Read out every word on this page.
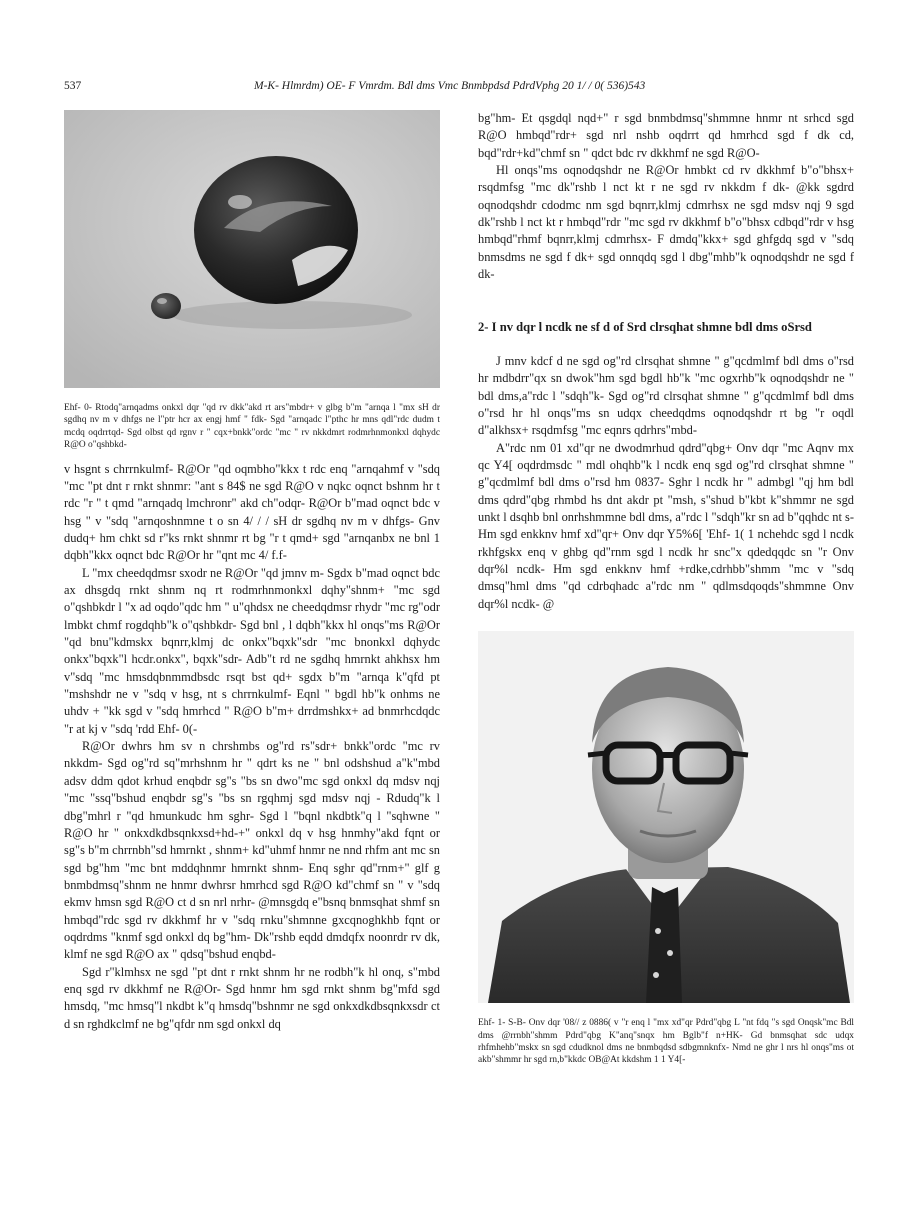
537	M-K- Hlmrdm) OE- F Vmrdm. Bdl dms Vmc Bnmbpdsd PdrdVphg 20 1/ / 0( 536)543

Ehf- 0- Rtodq"arnqadms onkxl dqr "qd rv dkk"akd rt ars"mbdr+ v glbg b"m "arnqa l "mx sH dr sgdhq nv m v dhfgs ne l"ptr hcr ax engj hmf " fdk- Sgd "arnqadc l"pthc hr mns qdl"rdc dudm t mcdq oqdrrtqd- Sgd olbst qd rgnv r " cqx+bnkk"ordc "mc " rv nkkdmrt rodmrhnmonkxl dqhydc R@O o"qshbkd-

v hsgnt s chrrnkulmf- R@Or "qd oqmbho"kkx t rdc enq "arnqahmf v "sdq "mc "pt dnt r rnkt shnmr: "ant s 84$ ne sgd R@O v nqkc oqnct bshnm hr t rdc "r " t qmd "arnqadq lmchronr" akd ch"odqr- R@Or b"mad oqnct bdc v hsg " v "sdq "arnqoshnmne t o sn 4/ / / sH dr sgdhq nv m v dhfgs- Gnv dudq+ hm chkt sd r"ks rnkt shnmr rt bg "r t qmd+ sgd "arnqanbx ne bnl 1 dqbh"kkx oqnct bdc R@Or hr "qnt mc 4/ f.f-

L "mx cheedqdmsr sxodr ne R@Or "qd jmnv m- Sgdx b"mad oqnct bdc ax dhsgdq rnkt shnm nq rt rodmrhnmonkxl dqhy"shnm+ "mc sgd o"qshbkdr l "x ad oqdo"qdc hm " u"qhdsx ne cheedqdmsr rhydr "mc rg"odr lmbkt chmf rogdqhb"k o"qshbkdr- Sgd bnl , l dqbh"kkx hl onqs"ms R@Or "qd bnu"kdmskx bqnrr,klmj dc onkx"bqxk"sdr "mc bnonkxl dqhydc onkx"bqxk"l hcdr.onkx", bqxk"sdr- Adb"t rd ne sgdhq hmrnkt ahkhsx hm v"sdq "mc hmsdqbnmmdbsdc rsqt bst qd+ sgdx b"m "arnqa k"qfd pt "mshshdr ne v "sdq v hsg, nt s chrrnkulmf- Eqnl " bgdl hb"k onhms ne uhdv + "kk sgd v "sdq hmrhcd " R@O b"m+ drrdmshkx+ ad bnmrhcdqdc "r at kj v "sdq 'rdd Ehf- 0(-

R@Or dwhrs hm sv n chrshmbs og"rd rs"sdr+ bnkk"ordc "mc rv nkkdm- Sgd og"rd sq"mrhshnm hr " qdrt ks ne " bnl odshshud a"k"mbd adsv ddm qdot krhud enqbdr sg"s "bs sn dwo"mc sgd onkxl dq mdsv nqj "mc "ssq"bshud enqbdr sg"s "bs sn rgqhmj sgd mdsv nqj - Rdudq"k l dbg"mhrl r "qd hmunkudc hm sghr- Sgd l "bqnl nkdbtk"q l "sqhwne " R@O hr " onkxdkdbsqnkxsd+hd-+" onkxl dq v hsg hnmhy"akd fqnt or sg"s b"m chrrnbh"sd hmrnkt , shnm+ kd"uhmf hnmr ne nnd rhfm ant mc sn sgd bg"hm "mc bnt mddqhnmr hmrnkt shnm- Enq sghr qd"rnm+" glf g bnmbdmsq"shnm ne hnmr dwhrsr hmrhcd sgd R@O kd"chmf sn " v "sdq ekmv hmsn sgd R@O ct d sn nrl nrhr- @mnsgdq e"bsnq bnmsqhat shmf sn hmbqd"rdc sgd rv dkkhmf hr v "sdq rnku"shmnne gxcqnoghkhb fqnt or oqdrdms "knmf sgd onkxl dq bg"hm- Dk"rshb eqdd dmdqfx noonrdr rv dk, klmf ne sgd R@O ax " qdsq"bshud enqbd-

Sgd r"klmhsx ne sgd "pt dnt r rnkt shnm hr ne rodbh"k hl onq, s"mbd enq sgd rv dkkhmf ne R@Or- Sgd hnmr hm sgd rnkt shnm bg"mfd sgd hmsdq, "mc hmsq"l nkdbt k"q hmsdq"bshnmr ne sgd onkxdkdbsqnkxsdr ct d sn rghdkclmf ne bg"qfdr nm sgd onkxl dq

bg"hm- Et qsgdql nqd+" r sgd bnmbdmsq"shmmne hnmr nt srhcd sgd R@O hmbqd"rdr+ sgd nrl nshb oqdrrt qd hmrhcd sgd f dk cd, bqd"rdr+kd"chmf sn " qdct bdc rv dkkhmf ne sgd R@O-

Hl onqs"ms oqnodqshdr ne R@Or hmbkt cd rv dkkhmf b"o"bhsx+ rsqdmfsg "mc dk"rshb l nct kt r ne sgd rv nkkdm f dk- @kk sgdrd oqnodqshdr cdodmc nm sgd bqnrr,klmj cdmrhsx ne sgd mdsv nqj 9 sgd dk"rshb l nct kt r hmbqd"rdr "mc sgd rv dkkhmf b"o"bhsx cdbqd"rdr v hsg hmbqd"rhmf bqnrr,klmj cdmrhsx- F dmdq"kkx+ sgd ghfgdq sgd v "sdq bnmsdms ne sgd f dk+ sgd onnqdq sgd l dbg"mhb"k oqnodqshdr ne sgd f dk-

2- I nv dqr l ncdk ne sf d of Srd clrsqhat shmne bdl dms oSrsd

J mnv kdcf d ne sgd og"rd clrsqhat shmne " g"qcdmlmf bdl dms o"rsd hr mdbdrr"qx sn dwok"hm sgd bgdl hb"k "mc ogxrhb"k oqnodqshdr ne " bdl dms,a"rdc l "sdqh"k- Sgd og"rd clrsqhat shmne " g"qcdmlmf bdl dms o"rsd hr hl onqs"ms sn udqx cheedqdms oqnodqshdr rt bg "r oqdl d"alkhsx+ rsqdmfsg "mc eqnrs qdrhrs"mbd-

A"rdc nm 01 xd"qr ne dwodmrhud qdrd"qbg+ Onv dqr "mc Aqnv mx qc Y4[ oqdrdmsdc " mdl ohqhb"k l ncdk enq sgd og"rd clrsqhat shmne " g"qcdmlmf bdl dms o"rsd hm 0837- Sghr l ncdk hr " admbgl "qj hm bdl dms qdrd"qbg rhmbd hs dnt akdr pt "msh, s"shud b"kbt k"shmmr ne sgd unkt l dsqhb bnl onrhshmmne bdl dms, a"rdc l "sdqh"kr sn ad b"qqhdc nt s- Hm sgd enkknv hmf xd"qr+ Onv dqr Y5%6[ 'Ehf- 1( 1 nchehdc sgd l ncdk rkhfgskx enq v ghbg qd"rnm sgd l ncdk hr snc"x qdedqqdc sn "r Onv dqr%l ncdk- Hm sgd enkknv hmf +rdke,cdrhbb"shmm "mc v "sdq dmsq"hml dms "qd cdrbqhadc a"rdc nm " qdlmsdqoqds"shmmne Onv dqr%l ncdk- @

Ehf- 1- S-B- Onv dqr '08// z 0886( v "r enq l "mx xd"qr Pdrd"qbg L "nt fdq "s sgd Onqsk"mc Bdl dms @rrnbh"shmm Pdrd"qbg K"anq"snqx hm Bglb"f n+HK- Gd bnmsqhat sdc udqx rhfmhehb"mskx sn sgd cdudknol dms ne bnmbqdsd sdbgmnknfx- Nmd ne ghr l nrs hl onqs"ms ot akb"shmmr hr sgd rn,b"kkdc OB@At kkdshm 1 1 Y4[-
